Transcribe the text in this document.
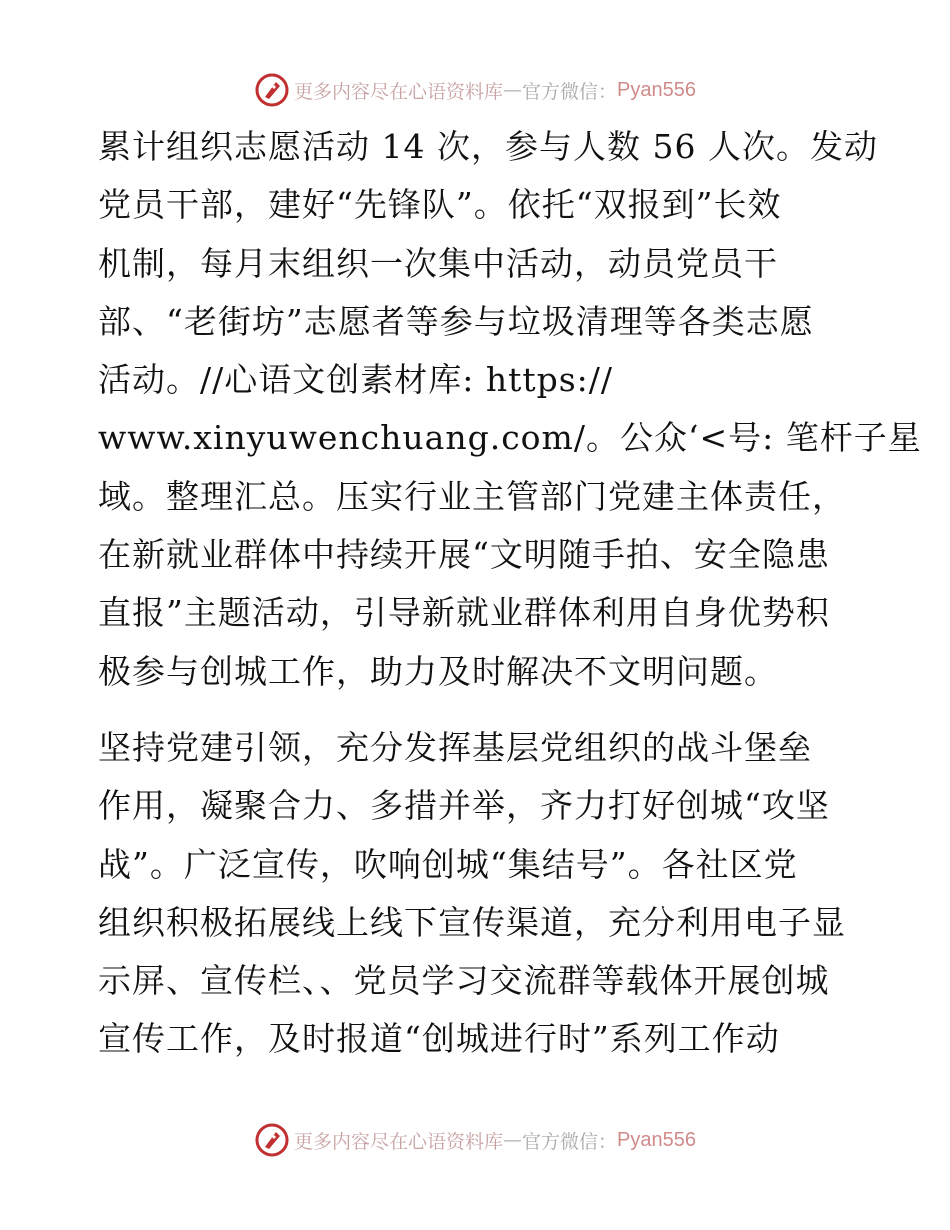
更多内容尽在心语资料库 — 官方微信： Pyan556
累计组织志愿活动 14 次，参与人数 56 人次。发动
党员干部，建好“先锋队”。依托“双报到”长效
机制，每月末组织一次集中活动，动员党员干
部、“老街坊”志愿者等参与垃圾清理等各类志愿
活动。//心语文创素材库: https://
www.xinyuwenchuang.com/。公众‘<号: 笔杆子星
域。整理汇总。压实行业主管部门党建主体责任，
在新就业群体中持续开展“文明随手拍、安全隐患
直报”主题活动，引导新就业群体利用自身优势积
极参与创城工作，助力及时解决不文明问题。
坚持党建引领，充分发挥基层党组织的战斗堡垒
作用，凝聚合力、多措并举，齐力打好创城“攻坚
战”。广泛宣传，吹响创城“集结号”。各社区党
组织积极拓展线上线下宣传渠道，充分利用电子显
示屏、宣传栏、、党员学习交流群等载体开展创城
宣传工作，及时报道“创城进行时”系列工作动
更多内容尽在心语资料库 — 官方微信： Pyan556
